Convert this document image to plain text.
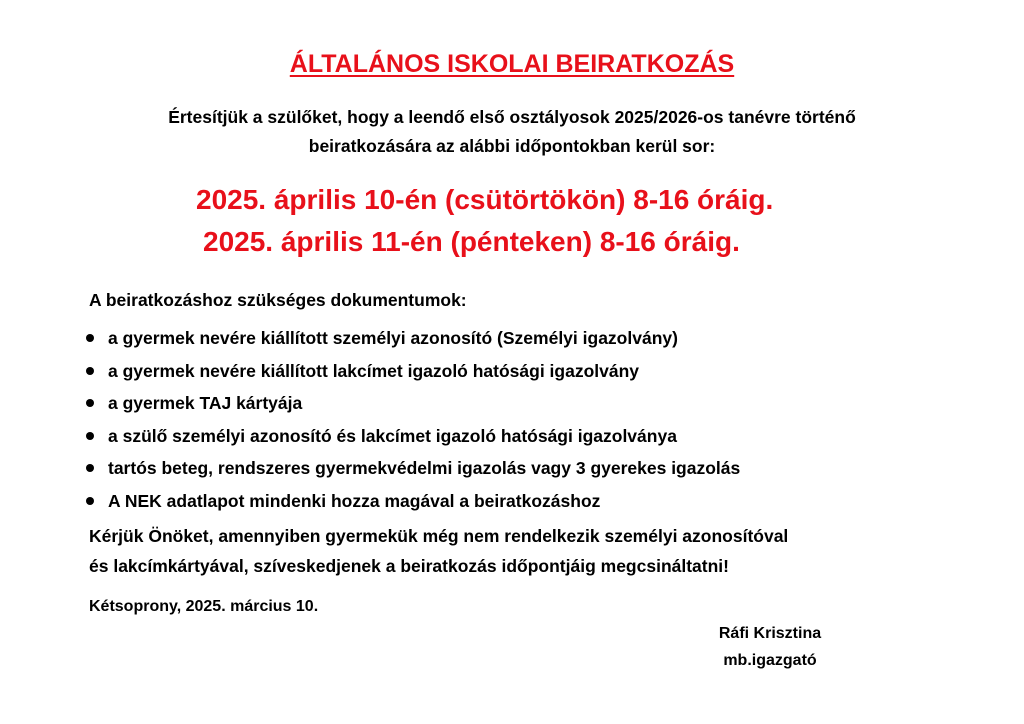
ÁLTALÁNOS ISKOLAI BEIRATKOZÁS
Értesítjük a szülőket, hogy a leendő első osztályosok 2025/2026-os tanévre történő
beiratkozására az alábbi időpontokban kerül sor:
2025. április 10-én (csütörtökön) 8-16 óráig.
2025. április 11-én (pénteken) 8-16 óráig.
A beiratkozáshoz szükséges dokumentumok:
a gyermek nevére kiállított személyi azonosító (Személyi igazolvány)
a gyermek nevére kiállított lakcímet igazoló hatósági igazolvány
a gyermek TAJ kártyája
a szülő személyi azonosító és lakcímet igazoló hatósági igazolványa
tartós beteg, rendszeres gyermekvédelmi igazolás vagy 3 gyerekes igazolás
A NEK adatlapot mindenki hozza magával a beiratkozáshoz
Kérjük Önöket, amennyiben gyermekük még nem rendelkezik személyi azonosítóval
és lakcímkártyával, szíveskedjenek a beiratkozás időpontjáig megcsináltatni!
Kétsoprony, 2025. március 10.
Ráfi Krisztina
mb.igazgató
